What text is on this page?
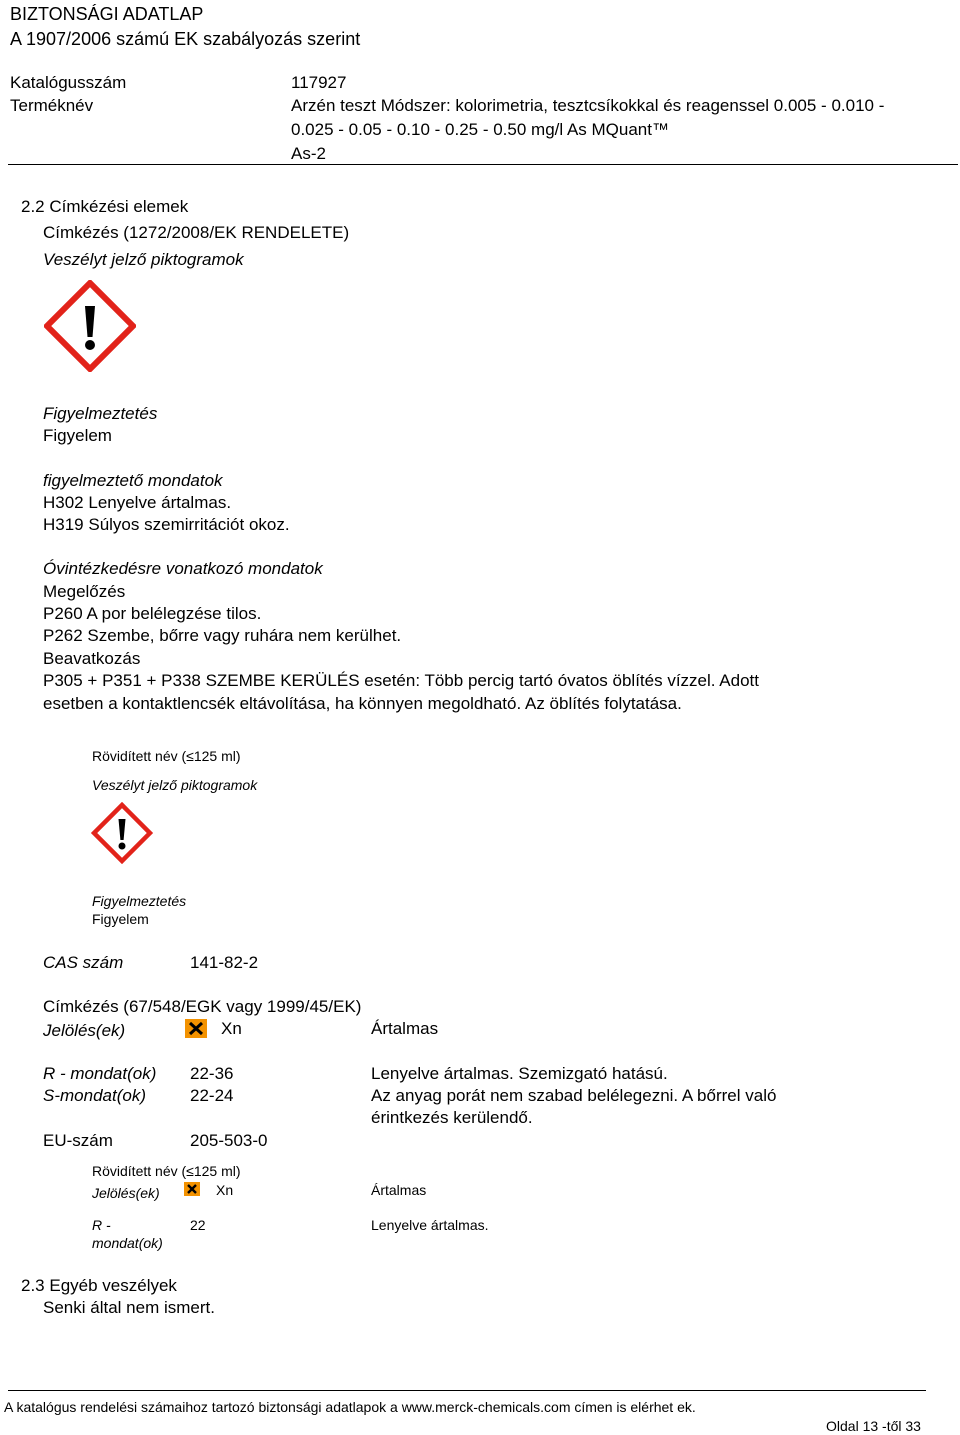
BIZTONSÁGI ADATLAP
A 1907/2006 számú EK szabályozás szerint
Katalógusszám	117927
Terméknév	Arzén teszt Módszer: kolorimetria, tesztcsíkokkal és reagenssel 0.005 - 0.010 -
0.025 - 0.05 - 0.10 - 0.25 - 0.50 mg/l As MQuant™
As-2
2.2 Címkézési elemek
Címkézés (1272/2008/EK RENDELETE)
Veszélyt jelző piktogramok
Figyelmeztetés
Figyelem
figyelmeztető mondatok
H302 Lenyelve ártalmas.
H319 Súlyos szemirritációt okoz.
Óvintézkedésre vonatkozó mondatok
Megelőzés
P260 A por belélegzése tilos.
P262 Szembe, bőrre vagy ruhára nem kerülhet.
Beavatkozás
P305 + P351 + P338 SZEMBE KERÜLÉS esetén: Több percig tartó óvatos öblítés vízzel. Adott
esetben a kontaktlencsék eltávolítása, ha könnyen megoldható. Az öblítés folytatása.
Rövidített név (≤125 ml)
Veszélyt jelző piktogramok
Figyelmeztetés
Figyelem
CAS szám	141-82-2
Címkézés (67/548/EGK vagy 1999/45/EK)
Jelölés(ek)	Xn	Ártalmas
R - mondat(ok) 22-36	Lenyelve ártalmas. Szemizgató hatású.
S-mondat(ok)	22-24	Az anyag porát nem szabad belélegezni. A bőrrel való
érintkezés kerülendő.
EU-szám	205-503-0
Rövidített név (≤125 ml)
Jelölés(ek)	Xn	Ártalmas
R -
mondat(ok)
22	Lenyelve ártalmas.
2.3 Egyéb veszélyek
Senki által nem ismert.
A katalógus rendelési számaihoz tartozó biztonsági adatlapok a www.merck-chemicals.com címen is elérhet ek.
Oldal 13 -től 33
